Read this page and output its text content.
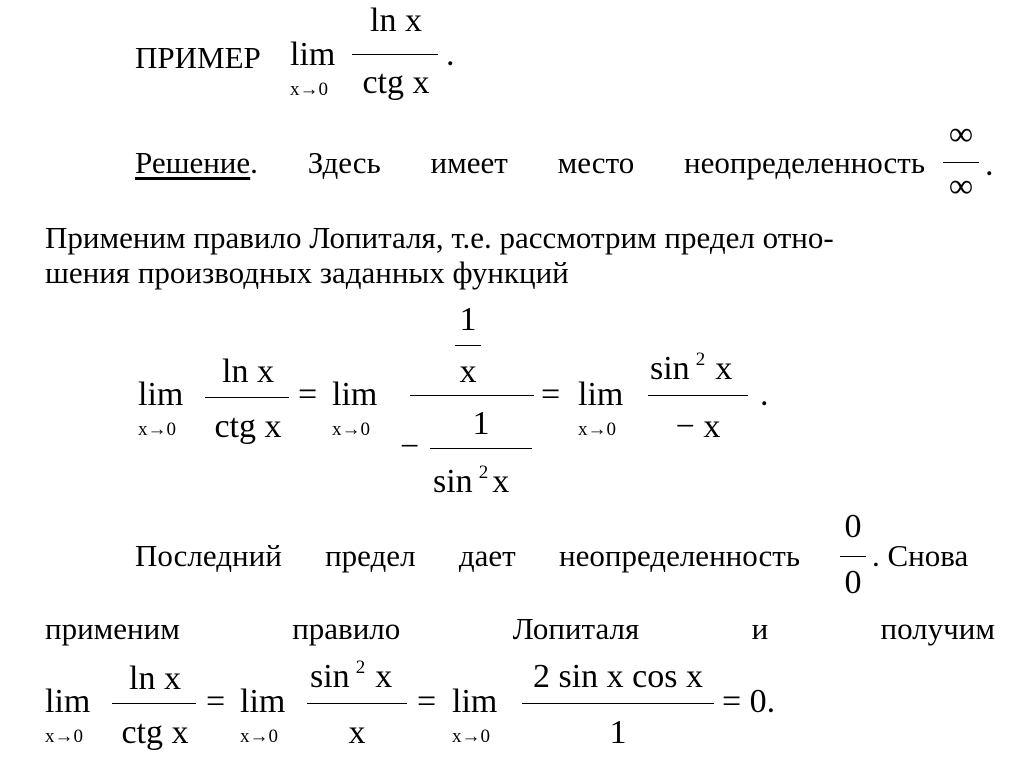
ПРИМЕР lim
x→0
ln x
ctg x
.
Решение. Здесь имеет место неопределенность
∞
∞
.
Применим правило Лопиталя, т.е. рассмотрим предел отно-
шения производных заданных функций
lim
x→0
ln x
ctg x
= lim
x→0
1
x
−
1
sin $^2$ x
= lim
x→0
sin $^2$ x
− x
.
Последний предел дает неопределенность
0
0
. Снова
применим	правило	Лопиталя	и	получим
lim
x→0
ln x
ctg x
= lim
x→0
sin $^2$ x
x
= lim
x→0
2 sin x cos x
1
= 0.
